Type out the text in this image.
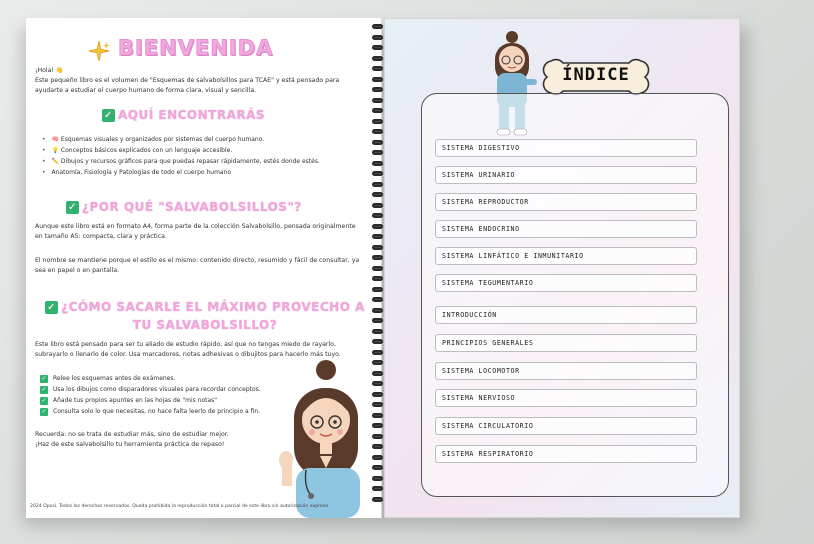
BIENVENIDA
¡Hola! 👋
Este pequeño libro es el volumen de "Esquemas de salvabolsillos para TCAE" y está pensado para ayudarte a estudiar el cuerpo humano de forma clara, visual y sencilla.
✓ AQUÍ ENCONTRARÁS
• 🧠 Esquemas visuales y organizados por sistemas del cuerpo humano.
• 💡 Conceptos básicos explicados con un lenguaje accesible.
• ✏️ Dibujos y recursos gráficos para que puedas repasar rápidamente, estés donde estés.
• Anatomía, Fisiología y Patologías de todo el cuerpo humano
✓ ¿POR QUÉ "SALVABOLSILLOS"?
Aunque este libro está en formato A4, forma parte de la colección Salvabolsillo, pensada originalmente en tamaño A5: compacta, clara y práctica.
El nombre se mantiene porque el estilo es el mismo: contenido directo, resumido y fácil de consultar, ya sea en papel o en pantalla.
✓ ¿CÓMO SACARLE EL MÁXIMO PROVECHO A
TU SALVABOLSILLO?
Este libro está pensado para ser tu aliado de estudio rápido, así que no tengas miedo de rayarlo, subrayarlo o llenarlo de color. Usa marcadores, notas adhesivas o dibujitos para hacerlo más tuyo.
✓ Relee los esquemas antes de exámenes.
✓ Usa los dibujos como disparadores visuales para recordar conceptos.
✓ Añade tus propios apuntes en las hojas de "mis notas"
✓ Consulta solo lo que necesitas, no hace falta leerlo de principio a fin.
Recuerda: no se trata de estudiar más, sino de estudiar mejor.
¡Haz de este salvabolsillo tu herramienta práctica de repaso!
2024 Oposi. Todos los derechos reservados. Queda prohibida la reproducción total o parcial de este libro sin autorización expresa
ÍNDICE
SISTEMA DIGESTIVO
SISTEMA URINARIO
SISTEMA REPRODUCTOR
SISTEMA ENDOCRINO
SISTEMA LINFÁTICO E INMUNITARIO
SISTEMA TEGUMENTARIO
INTRODUCCIÓN
PRINCIPIOS GENERALES
SISTEMA LOCOMOTOR
SISTEMA NERVIOSO
SISTEMA CIRCULATORIO
SISTEMA RESPIRATORIO
